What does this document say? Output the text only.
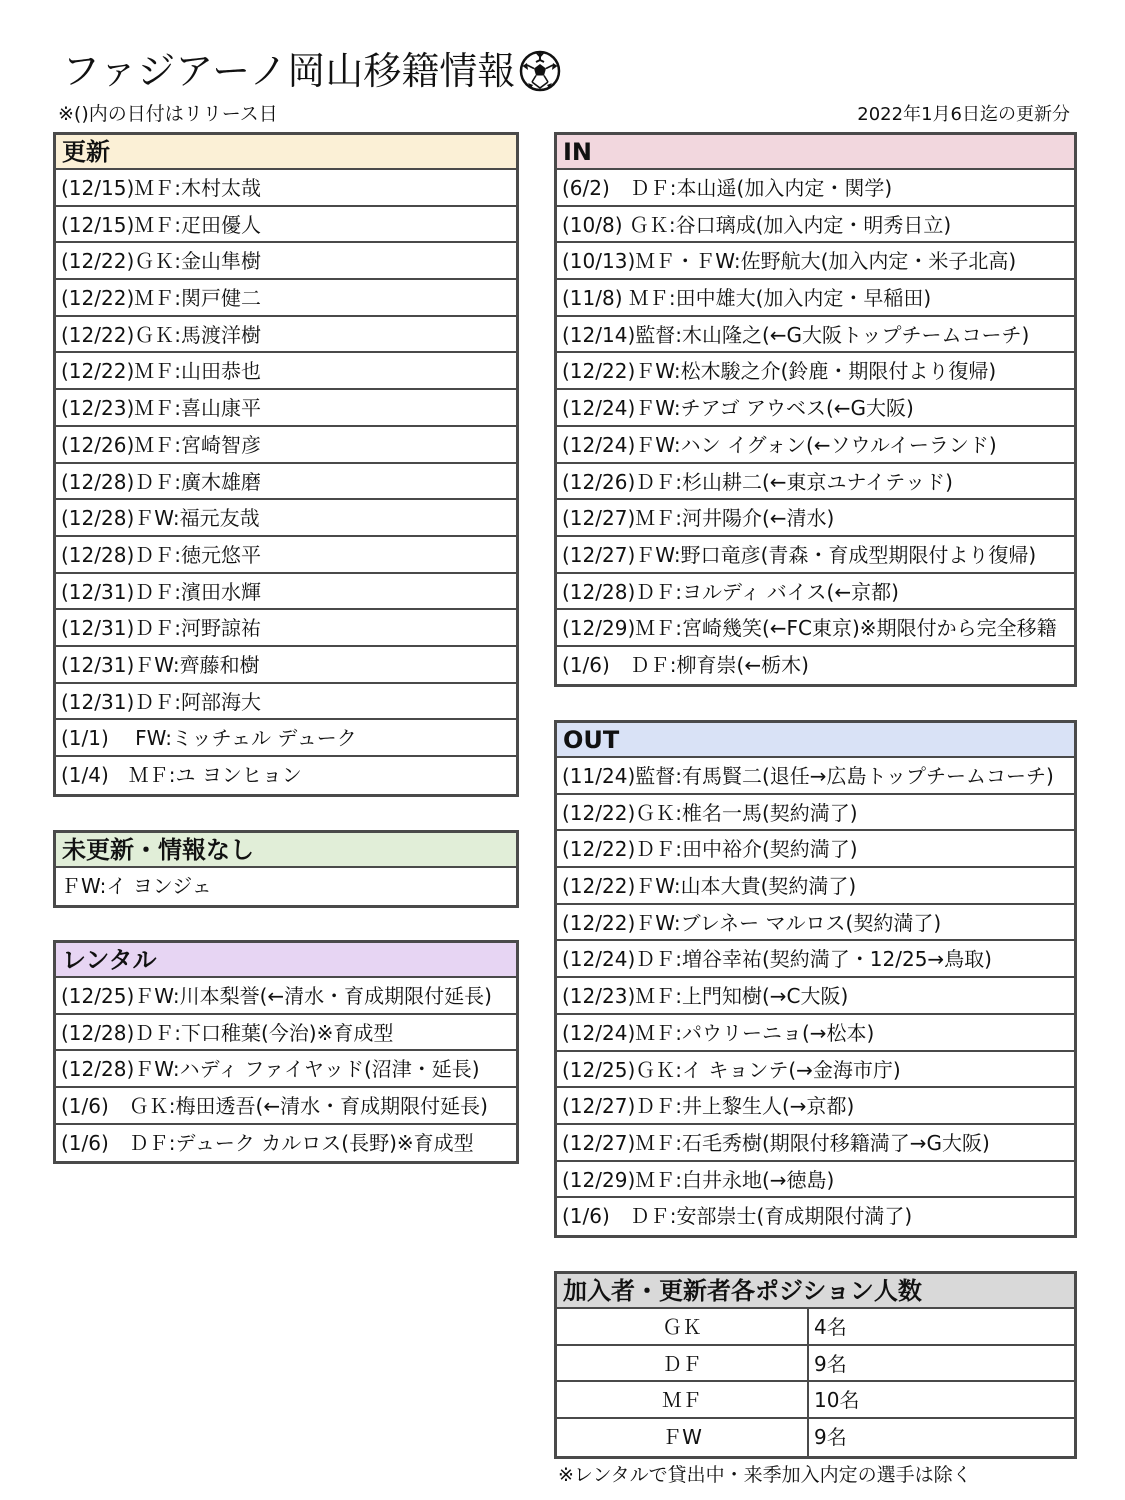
ファジアーノ岡山移籍情報
※()内の日付はリリース日	2022年1月6日迄の更新分
更新
(12/15)ＭＦ:木村太哉
(12/15)ＭＦ:疋田優人
(12/22)ＧＫ:金山隼樹
(12/22)ＭＦ:関戸健二
(12/22)ＧＫ:馬渡洋樹
(12/22)ＭＦ:山田恭也
(12/23)ＭＦ:喜山康平
(12/26)ＭＦ:宮崎智彦
(12/28)ＤＦ:廣木雄磨
(12/28)ＦW:福元友哉
(12/28)ＤＦ:徳元悠平
(12/31)ＤＦ:濱田水輝
(12/31)ＤＦ:河野諒祐
(12/31)ＦW:齊藤和樹
(12/31)ＤＦ:阿部海大
(1/1)　 FW:ミッチェル デューク
(1/4)　ＭＦ:ユ ヨンヒョン
未更新・情報なし
ＦW:イ ヨンジェ
レンタル
(12/25)ＦW:川本梨誉(←清水・育成期限付延長)
(12/28)ＤＦ:下口稚葉(今治)※育成型
(12/28)ＦW:ハディ ファイヤッド(沼津・延長)
(1/6)　ＧＫ:梅田透吾(←清水・育成期限付延長)
(1/6)　ＤＦ:デューク カルロス(長野)※育成型
IN
(6/2)　ＤＦ:本山遥(加入内定・関学)
(10/8) ＧＫ:谷口璃成(加入内定・明秀日立)
(10/13)ＭＦ・ＦW:佐野航大(加入内定・米子北高)
(11/8) ＭＦ:田中雄大(加入内定・早稲田)
(12/14)監督:木山隆之(←G大阪トップチームコーチ)
(12/22)ＦW:松木駿之介(鈴鹿・期限付より復帰)
(12/24)ＦW:チアゴ アウベス(←G大阪)
(12/24)ＦW:ハン イグォン(←ソウルイーランド)
(12/26)ＤＦ:杉山耕二(←東京ユナイテッド)
(12/27)ＭＦ:河井陽介(←清水)
(12/27)ＦW:野口竜彦(青森・育成型期限付より復帰)
(12/28)ＤＦ:ヨルディ バイス(←京都)
(12/29)ＭＦ:宮崎幾笑(←FC東京)※期限付から完全移籍
(1/6)　ＤＦ:柳育崇(←栃木)
OUT
(11/24)監督:有馬賢二(退任→広島トップチームコーチ)
(12/22)ＧＫ:椎名一馬(契約満了)
(12/22)ＤＦ:田中裕介(契約満了)
(12/22)ＦW:山本大貴(契約満了)
(12/22)ＦW:ブレネー マルロス(契約満了)
(12/24)ＤＦ:増谷幸祐(契約満了・12/25→鳥取)
(12/23)ＭＦ:上門知樹(→C大阪)
(12/24)ＭＦ:パウリーニョ(→松本)
(12/25)ＧＫ:イ キョンテ(→金海市庁)
(12/27)ＤＦ:井上黎生人(→京都)
(12/27)ＭＦ:石毛秀樹(期限付移籍満了→G大阪)
(12/29)ＭＦ:白井永地(→徳島)
(1/6)　ＤＦ:安部崇士(育成期限付満了)
加入者・更新者各ポジション人数
ＧＫ	4名
ＤＦ	9名
ＭＦ	10名
ＦW	9名
※レンタルで貸出中・来季加入内定の選手は除く
